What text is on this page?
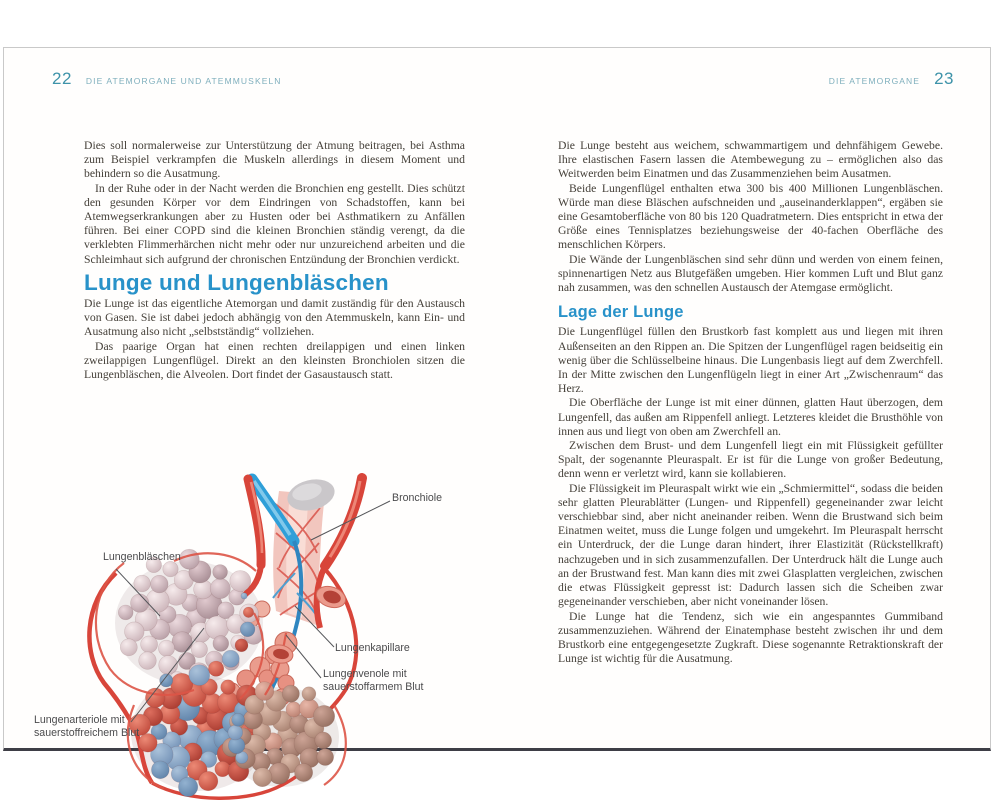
22 DIE ATEMORGANE UND ATEMMUSKELN	23
DIE ATEMORGANE

Dies soll normalerweise zur Unterstützung der Atmung beitragen, bei Asthma zum Beispiel verkrampfen die Muskeln allerdings in diesem Moment und behindern so die Ausatmung.

In der Ruhe oder in der Nacht werden die Bronchien eng gestellt. Dies schützt den gesunden Körper vor dem Eindringen von Schadstoffen, kann bei Atemwegserkrankungen aber zu Husten oder bei Asthmatikern zu Anfällen führen. Bei einer COPD sind die kleinen Bronchien ständig verengt, da die verklebten Flimmerhärchen nicht mehr oder nur unzureichend arbeiten und die Schleimhaut sich aufgrund der chronischen Entzündung der Bronchien verdickt.

Lunge und Lungenbläschen

Die Lunge ist das eigentliche Atemorgan und damit zuständig für den Austausch von Gasen. Sie ist dabei jedoch abhängig von den Atemmuskeln, kann Ein- und Ausatmung also nicht „selbstständig“ vollziehen.

Das paarige Organ hat einen rechten dreilappigen und einen linken zweilappigen Lungenflügel. Direkt an den kleinsten Bronchiolen sitzen die Lungenbläschen, die Alveolen. Dort findet der Gasaustausch statt.

Die Lunge besteht aus weichem, schwammartigem und dehnfähigem Gewebe. Ihre elastischen Fasern lassen die Atembewegung zu – ermöglichen also das Weitwerden beim Einatmen und das Zusammenziehen beim Ausatmen.

Beide Lungenflügel enthalten etwa 300 bis 400 Millionen Lungenbläschen. Würde man diese Bläschen aufschneiden und „auseinanderklappen“, ergäben sie eine Gesamtoberfläche von 80 bis 120 Quadratmetern. Dies entspricht in etwa der Größe eines Tennisplatzes beziehungsweise der 40-fachen Oberfläche des menschlichen Körpers.

Die Wände der Lungenbläschen sind sehr dünn und werden von einem feinen, spinnenartigen Netz aus Blutgefäßen umgeben. Hier kommen Luft und Blut ganz nah zusammen, was den schnellen Austausch der Atemgase ermöglicht.

Lage der Lunge

Die Lungenflügel füllen den Brustkorb fast komplett aus und liegen mit ihren Außenseiten an den Rippen an. Die Spitzen der Lungenflügel ragen beidseitig ein wenig über die Schlüsselbeine hinaus. Die Lungenbasis liegt auf dem Zwerchfell. In der Mitte zwischen den Lungenflügeln liegt in einer Art „Zwischenraum“ das Herz.

Die Oberfläche der Lunge ist mit einer dünnen, glatten Haut überzogen, dem Lungenfell, das außen am Rippenfell anliegt. Letzteres kleidet die Brusthöhle von innen aus und liegt von oben am Zwerchfell an.

Zwischen dem Brust- und dem Lungenfell liegt ein mit Flüssigkeit gefüllter Spalt, der sogenannte Pleuraspalt. Er ist für die Lunge von großer Bedeutung, denn wenn er verletzt wird, kann sie kollabieren.

Die Flüssigkeit im Pleuraspalt wirkt wie ein „Schmiermittel“, sodass die beiden sehr glatten Pleurablätter (Lungen- und Rippenfell) gegeneinander zwar leicht verschiebbar sind, aber nicht aneinander reiben. Wenn die Brustwand sich beim Einatmen weitet, muss die Lunge folgen und umgekehrt. Im Pleuraspalt herrscht ein Unterdruck, der die Lunge daran hindert, ihrer Elastizität (Rückstellkraft) nachzugeben und in sich zusammenzufallen. Der Unterdruck hält die Lunge auch an der Brustwand fest. Man kann dies mit zwei Glasplatten vergleichen, zwischen die etwas Flüssigkeit gepresst ist: Dadurch lassen sich die Scheiben zwar gegeneinander verschieben, aber nicht voneinander lösen.

Die Lunge hat die Tendenz, sich wie ein angespanntes Gummiband zusammenzuziehen. Während der Einatemphase besteht zwischen ihr und dem Brustkorb eine entgegengesetzte Zugkraft. Diese sogenannte Retraktionskraft der Lunge ist wichtig für die Ausatmung.

Bronchiole
Lungenbläschen
Lungenkapillare
Lungenvenole mit sauerstoffarmem Blut
Lungenarteriole mit sauerstoffreichem Blut
